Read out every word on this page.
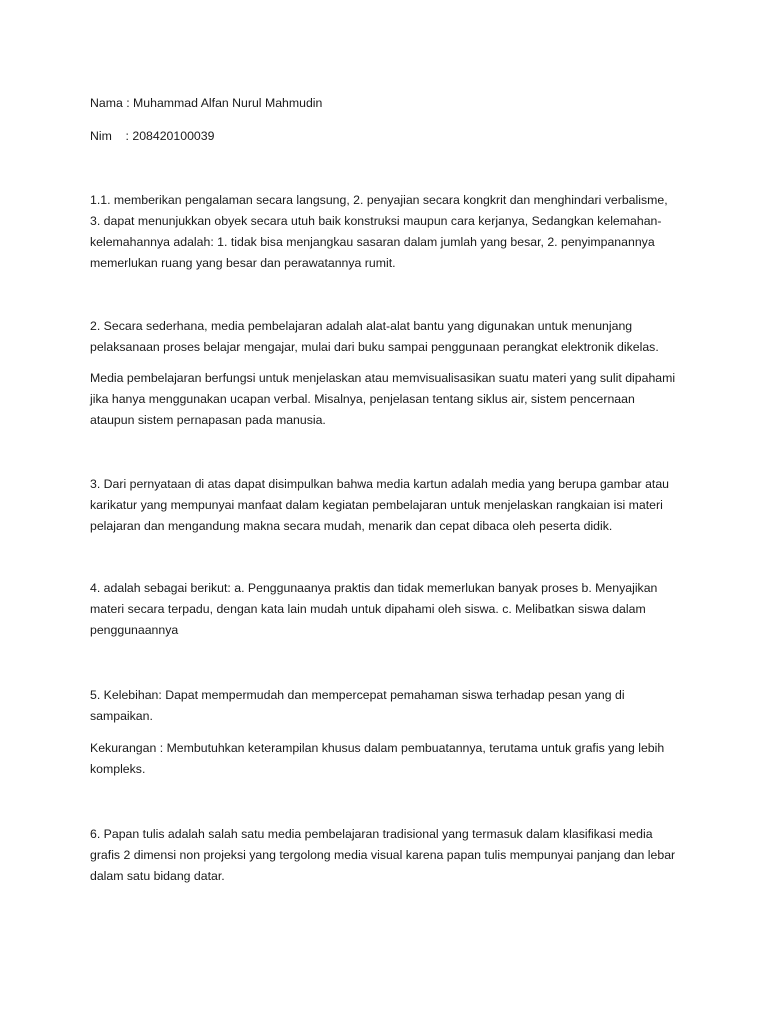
Nama : Muhammad Alfan Nurul Mahmudin

Nim    : 208420100039

1.1. memberikan pengalaman secara langsung, 2. penyajian secara kongkrit dan menghindari verbalisme, 3. dapat menunjukkan obyek secara utuh baik konstruksi maupun cara kerjanya, Sedangkan kelemahan-kelemahannya adalah: 1. tidak bisa menjangkau sasaran dalam jumlah yang besar, 2. penyimpanannya memerlukan ruang yang besar dan perawatannya rumit.

2. Secara sederhana, media pembelajaran adalah alat-alat bantu yang digunakan untuk menunjang pelaksanaan proses belajar mengajar, mulai dari buku sampai penggunaan perangkat elektronik dikelas.

Media pembelajaran berfungsi untuk menjelaskan atau memvisualisasikan suatu materi yang sulit dipahami jika hanya menggunakan ucapan verbal. Misalnya, penjelasan tentang siklus air, sistem pencernaan ataupun sistem pernapasan pada manusia.

3. Dari pernyataan di atas dapat disimpulkan bahwa media kartun adalah media yang berupa gambar atau karikatur yang mempunyai manfaat dalam kegiatan pembelajaran untuk menjelaskan rangkaian isi materi pelajaran dan mengandung makna secara mudah, menarik dan cepat dibaca oleh peserta didik.

4. adalah sebagai berikut: a. Penggunaanya praktis dan tidak memerlukan banyak proses b. Menyajikan materi secara terpadu, dengan kata lain mudah untuk dipahami oleh siswa. c. Melibatkan siswa dalam penggunaannya

5. Kelebihan: Dapat mempermudah dan mempercepat pemahaman siswa terhadap pesan yang di sampaikan.

Kekurangan : Membutuhkan keterampilan khusus dalam pembuatannya, terutama untuk grafis yang lebih kompleks.

6. Papan tulis adalah salah satu media pembelajaran tradisional yang termasuk dalam klasifikasi media grafis 2 dimensi non projeksi yang tergolong media visual karena papan tulis mempunyai panjang dan lebar dalam satu bidang datar.
